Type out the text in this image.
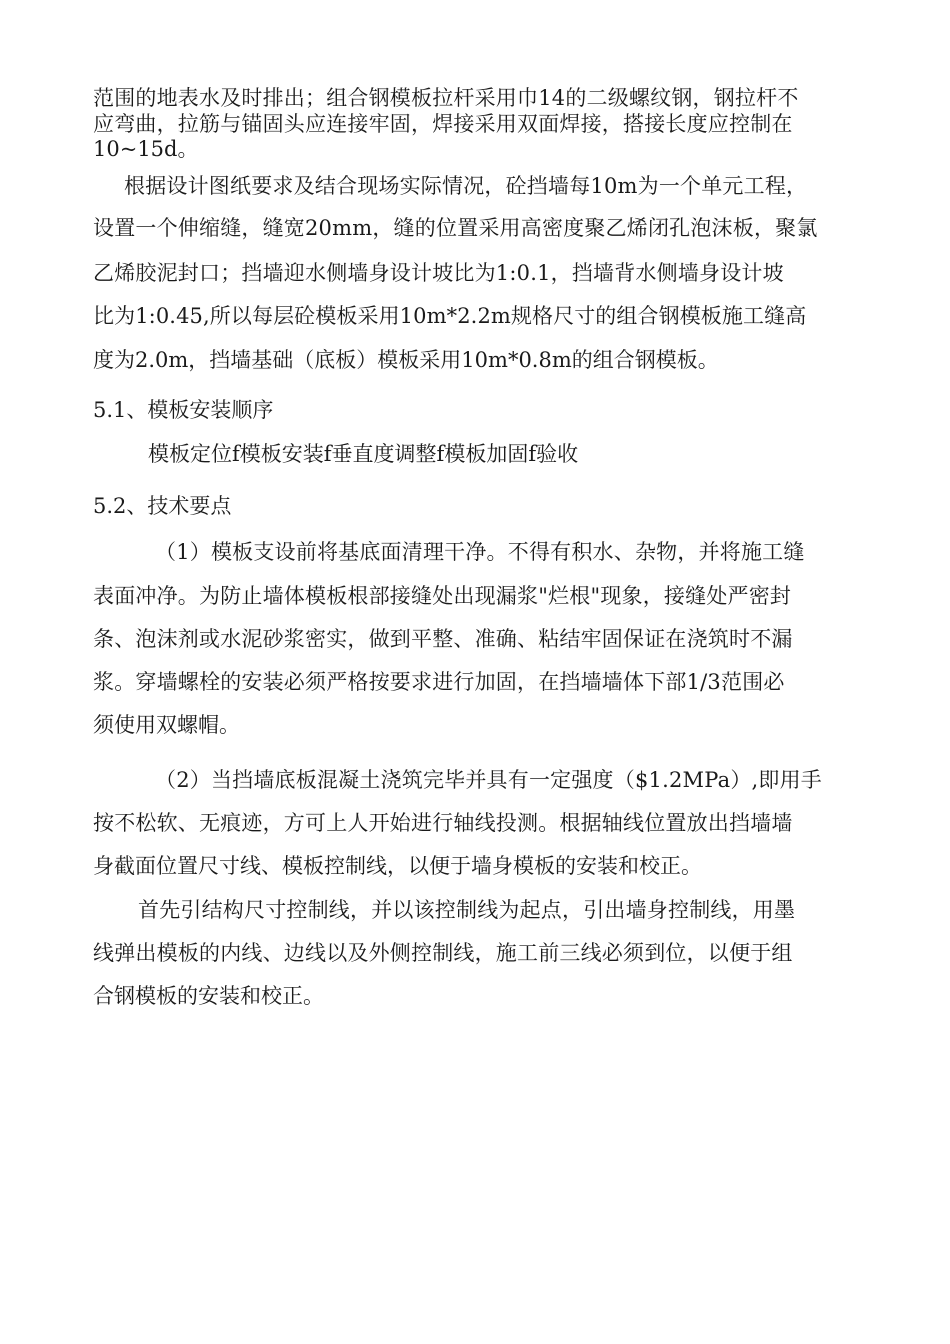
范围的地表水及时排出；组合钢模板拉杆采用巾14的二级螺纹钢，钢拉杆不
应弯曲，拉筋与锚固头应连接牢固，焊接采用双面焊接，搭接长度应控制在
10~15d。
根据设计图纸要求及结合现场实际情况，砼挡墙每10m为一个单元工程，
设置一个伸缩缝，缝宽20mm，缝的位置采用高密度聚乙烯闭孔泡沫板，聚氯
乙烯胶泥封口；挡墙迎水侧墙身设计坡比为1:0.1，挡墙背水侧墙身设计坡
比为1:0.45,所以每层砼模板采用10m*2.2m规格尺寸的组合钢模板施工缝高
度为2.0m，挡墙基础（底板）模板采用10m*0.8m的组合钢模板。
5.1、模板安装顺序
模板定位f模板安装f垂直度调整f模板加固f验收
5.2、技术要点
（1）模板支设前将基底面清理干净。不得有积水、杂物，并将施工缝
表面冲净。为防止墙体模板根部接缝处出现漏浆"烂根"现象，接缝处严密封
条、泡沫剂或水泥砂浆密实，做到平整、准确、粘结牢固保证在浇筑时不漏
浆。穿墙螺栓的安装必须严格按要求进行加固，在挡墙墙体下部1/3范围必
须使用双螺帽。
（2）当挡墙底板混凝土浇筑完毕并具有一定强度（$1.2MPa）,即用手
按不松软、无痕迹，方可上人开始进行轴线投测。根据轴线位置放出挡墙墙
身截面位置尺寸线、模板控制线，以便于墙身模板的安装和校正。
首先引结构尺寸控制线，并以该控制线为起点，引出墙身控制线，用墨
线弹出模板的内线、边线以及外侧控制线，施工前三线必须到位，以便于组
合钢模板的安装和校正。
